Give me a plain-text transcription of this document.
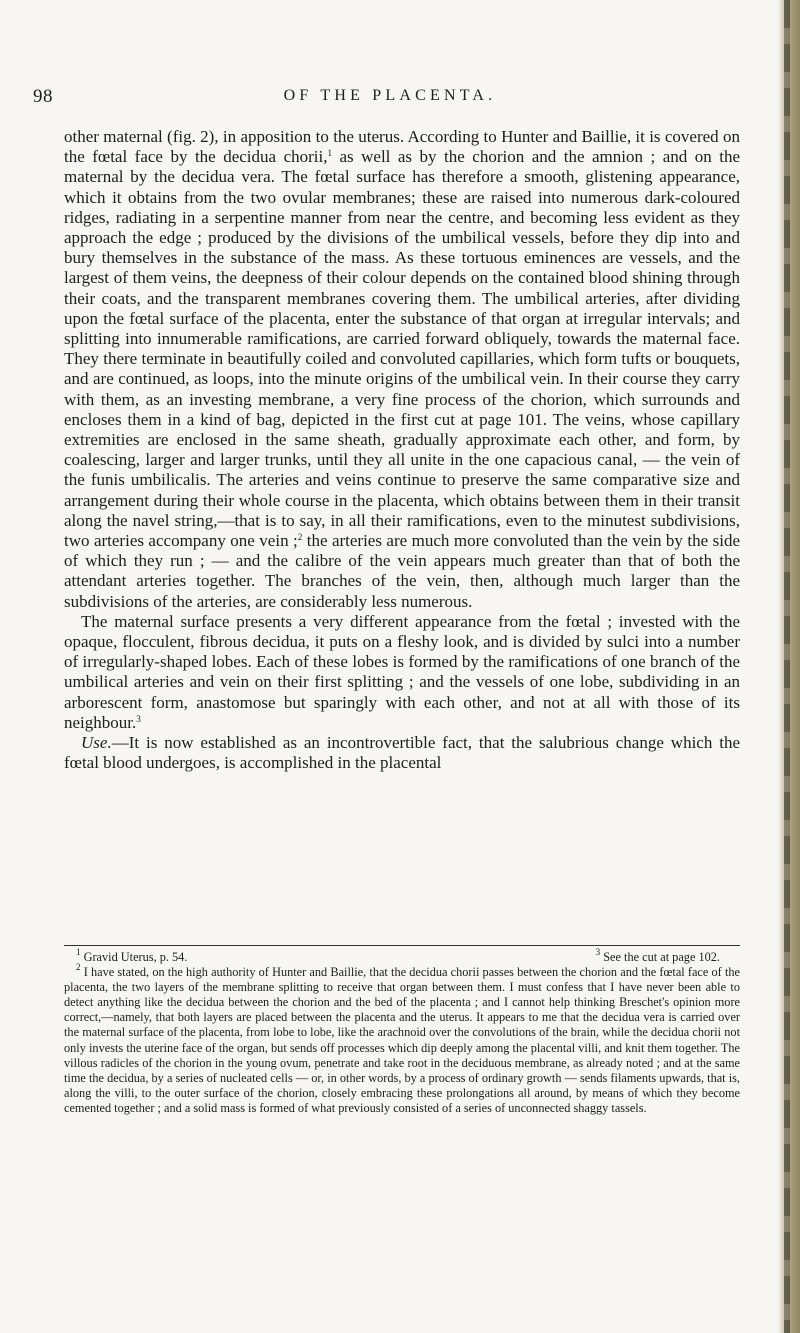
98	OF THE PLACENTA.

other maternal (fig. 2), in apposition to the uterus. According to Hunter and Baillie, it is covered on the fœtal face by the decidua chorii,$^1$ as well as by the chorion and the amnion ; and on the maternal by the decidua vera. The fœtal surface has therefore a smooth, glistening appearance, which it obtains from the two ovular membranes; these are raised into numerous dark-coloured ridges, radiating in a serpentine manner from near the centre, and becoming less evident as they approach the edge ; produced by the divisions of the umbilical vessels, before they dip into and bury themselves in the substance of the mass. As these tortuous eminences are vessels, and the largest of them veins, the deepness of their colour depends on the contained blood shining through their coats, and the transparent membranes covering them. The umbilical arteries, after dividing upon the fœtal surface of the placenta, enter the substance of that organ at irregular intervals; and splitting into innumerable ramifications, are carried forward obliquely, towards the maternal face. They there terminate in beautifully coiled and convoluted capillaries, which form tufts or bouquets, and are continued, as loops, into the minute origins of the umbilical vein. In their course they carry with them, as an investing membrane, a very fine process of the chorion, which surrounds and encloses them in a kind of bag, depicted in the first cut at page 101. The veins, whose capillary extremities are enclosed in the same sheath, gradually approximate each other, and form, by coalescing, larger and larger trunks, until they all unite in the one capacious canal, — the vein of the funis umbilicalis. The arteries and veins continue to preserve the same comparative size and arrangement during their whole course in the placenta, which obtains between them in their transit along the navel string,—that is to say, in all their ramifications, even to the minutest subdivisions, two arteries accompany one vein ;$^2$ the arteries are much more convoluted than the vein by the side of which they run ; — and the calibre of the vein appears much greater than that of both the attendant arteries together. The branches of the vein, then, although much larger than the subdivisions of the arteries, are considerably less numerous.

The maternal surface presents a very different appearance from the fœtal ; invested with the opaque, flocculent, fibrous decidua, it puts on a fleshy look, and is divided by sulci into a number of irregularly-shaped lobes. Each of these lobes is formed by the ramifications of one branch of the umbilical arteries and vein on their first splitting ; and the vessels of one lobe, subdividing in an arborescent form, anastomose but sparingly with each other, and not at all with those of its neighbour.$^3$

Use.—It is now established as an incontrovertible fact, that the salubrious change which the fœtal blood undergoes, is accomplished in the placental

$^1$ Gravid Uterus, p. 54.	$^3$ See the cut at page 102.

$^2$ I have stated, on the high authority of Hunter and Baillie, that the decidua chorii passes between the chorion and the fœtal face of the placenta, the two layers of the membrane splitting to receive that organ between them. I must confess that I have never been able to detect anything like the decidua between the chorion and the bed of the placenta ; and I cannot help thinking Breschet's opinion more correct,—namely, that both layers are placed between the placenta and the uterus. It appears to me that the decidua vera is carried over the maternal surface of the placenta, from lobe to lobe, like the arachnoid over the convolutions of the brain, while the decidua chorii not only invests the uterine face of the organ, but sends off processes which dip deeply among the placental villi, and knit them together. The villous radicles of the chorion in the young ovum, penetrate and take root in the deciduous membrane, as already noted ; and at the same time the decidua, by a series of nucleated cells — or, in other words, by a process of ordinary growth — sends filaments upwards, that is, along the villi, to the outer surface of the chorion, closely embracing these prolongations all around, by means of which they become cemented together ; and a solid mass is formed of what previously consisted of a series of unconnected shaggy tassels.
